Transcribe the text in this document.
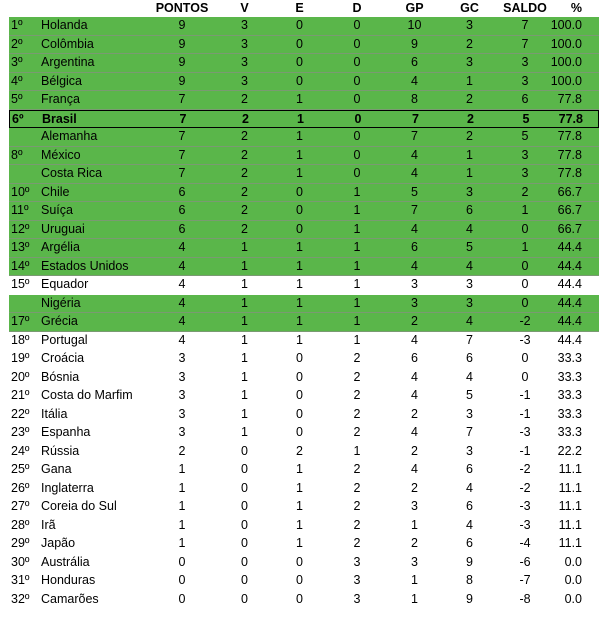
PONTOS	V	E	D	GP	GC	SALDO	%
1º	Holanda	9	3	0	0	10	3	7	100.0
2º	Colômbia	9	3	0	0	9	2	7	100.0
3º	Argentina	9	3	0	0	6	3	3	100.0
4º	Bélgica	9	3	0	0	4	1	3	100.0
5º	França	7	2	1	0	8	2	6	77.8
6º	Brasil	7	2	1	0	7	2	5	77.8
Alemanha	7	2	1	0	7	2	5	77.8
8º	México	7	2	1	0	4	1	3	77.8
Costa Rica	7	2	1	0	4	1	3	77.8
10º Chile	6	2	0	1	5	3	2	66.7
11º Suíça	6	2	0	1	7	6	1	66.7
12º Uruguai	6	2	0	1	4	4	0	66.7
13º Argélia	4	1	1	1	6	5	1	44.4
14º Estados Unidos	4	1	1	1	4	4	0	44.4
15º Equador	4	1	1	1	3	3	0	44.4
Nigéria	4	1	1	1	3	3	0	44.4
17º Grécia	4	1	1	1	2	4	-2	44.4
18º Portugal	4	1	1	1	4	7	-3	44.4
19º Croácia	3	1	0	2	6	6	0	33.3
20º Bósnia	3	1	0	2	4	4	0	33.3
21º Costa do Marfim	3	1	0	2	4	5	-1	33.3
22º Itália	3	1	0	2	2	3	-1	33.3
23º Espanha	3	1	0	2	4	7	-3	33.3
24º Rússia	2	0	2	1	2	3	-1	22.2
25º Gana	1	0	1	2	4	6	-2	11.1
26º Inglaterra	1	0	1	2	2	4	-2	11.1
27º Coreia do Sul	1	0	1	2	3	6	-3	11.1
28º Irã	1	0	1	2	1	4	-3	11.1
29º Japão	1	0	1	2	2	6	-4	11.1
30º Austrália	0	0	0	3	3	9	-6	0.0
31º Honduras	0	0	0	3	1	8	-7	0.0
32º Camarões	0	0	0	3	1	9	-8	0.0
